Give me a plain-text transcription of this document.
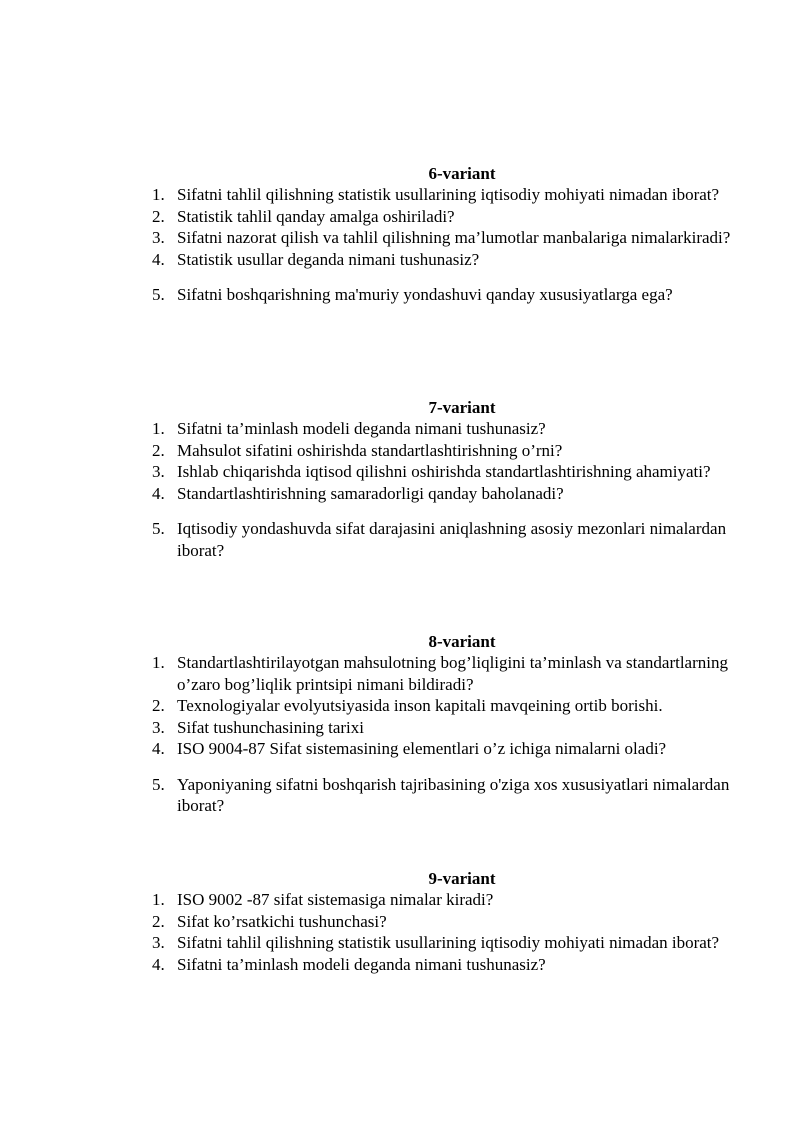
6-variant
1. Sifatni tahlil qilishning statistik usullarining iqtisodiy mohiyati nimadan iborat?
2. Statistik tahlil qanday amalga oshiriladi?
3. Sifatni nazorat qilish va tahlil qilishning ma’lumotlar manbalariga nimalarkiradi?
4. Statistik usullar deganda nimani tushunasiz?
5. Sifatni boshqarishning ma'muriy yondashuvi qanday xususiyatlarga ega?
7-variant
1. Sifatni ta’minlash modeli deganda nimani tushunasiz?
2. Mahsulot sifatini oshirishda standartlashtirishning o’rni?
3. Ishlab chiqarishda iqtisod qilishni oshirishda standartlashtirishning ahamiyati?
4. Standartlashtirishning samaradorligi qanday baholanadi?
5. Iqtisodiy yondashuvda sifat darajasini aniqlashning asosiy mezonlari nimalardan iborat?
8-variant
1. Standartlashtirilayotgan mahsulotning bog’liqligini ta’minlash va standartlarning o’zaro bog’liqlik printsipi nimani bildiradi?
2. Texnologiyalar evolyutsiyasida inson kapitali mavqeining ortib borishi.
3. Sifat tushunchasining tarixi
4. ISO 9004-87 Sifat sistemasining elementlari o’z ichiga nimalarni oladi?
5. Yaponiyaning sifatni boshqarish tajribasining o'ziga xos xususiyatlari nimalardan iborat?
9-variant
1. ISO 9002 -87 sifat sistemasiga nimalar kiradi?
2. Sifat ko’rsatkichi tushunchasi?
3. Sifatni tahlil qilishning statistik usullarining iqtisodiy mohiyati nimadan iborat?
4. Sifatni ta’minlash modeli deganda nimani tushunasiz?
